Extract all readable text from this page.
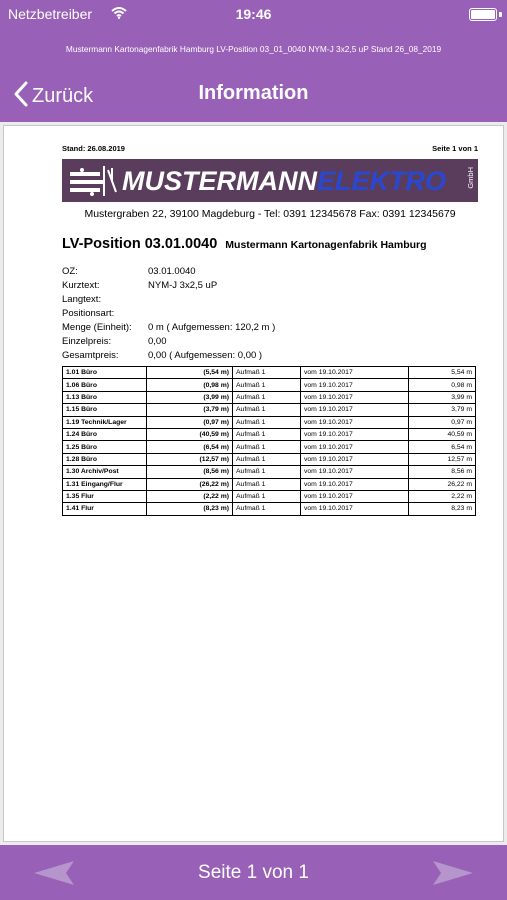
Netzbetreiber	19:46
Mustermann Kartonagenfabrik Hamburg LV-Position 03_01_0040 NYM-J 3x2,5 uP Stand 26_08_2019
Zurück	Information
Stand: 26.08.2019	Seite 1 von 1
MUSTERMANNELEKTRO	GmbH
Mustergraben 22, 39100 Magdeburg - Tel: 0391 12345678 Fax: 0391 12345679
LV-Position 03.01.0040 Mustermann Kartonagenfabrik Hamburg
OZ:	03.01.0040
Kurztext:	NYM-J 3x2,5 uP
Langtext:
Positionsart:
Menge (Einheit):	0 m ( Aufgemessen: 120,2 m )
Einzelpreis:	0,00
Gesamtpreis:	0,00 ( Aufgemessen: 0,00 )
1.01 Büro	(5,54 m)	Aufmaß 1	vom 19.10.2017	5,54 m
1.06 Büro	(0,98 m)	Aufmaß 1	vom 19.10.2017	0,98 m
1.13 Büro	(3,99 m)	Aufmaß 1	vom 19.10.2017	3,99 m
1.15 Büro	(3,79 m)	Aufmaß 1	vom 19.10.2017	3,79 m
1.19 Technik/Lager	(0,97 m)	Aufmaß 1	vom 19.10.2017	0,97 m
1.24 Büro	(40,59 m)	Aufmaß 1	vom 19.10.2017	40,59 m
1.25 Büro	(6,54 m)	Aufmaß 1	vom 19.10.2017	6,54 m
1.28 Büro	(12,57 m)	Aufmaß 1	vom 19.10.2017	12,57 m
1.30 Archiv/Post	(8,56 m)	Aufmaß 1	vom 19.10.2017	8,56 m
1.31 Eingang/Flur	(26,22 m)	Aufmaß 1	vom 19.10.2017	26,22 m
1.35 Flur	(2,22 m)	Aufmaß 1	vom 19.10.2017	2,22 m
1.41 Flur	(8,23 m)	Aufmaß 1	vom 19.10.2017	8,23 m
Seite 1 von 1
